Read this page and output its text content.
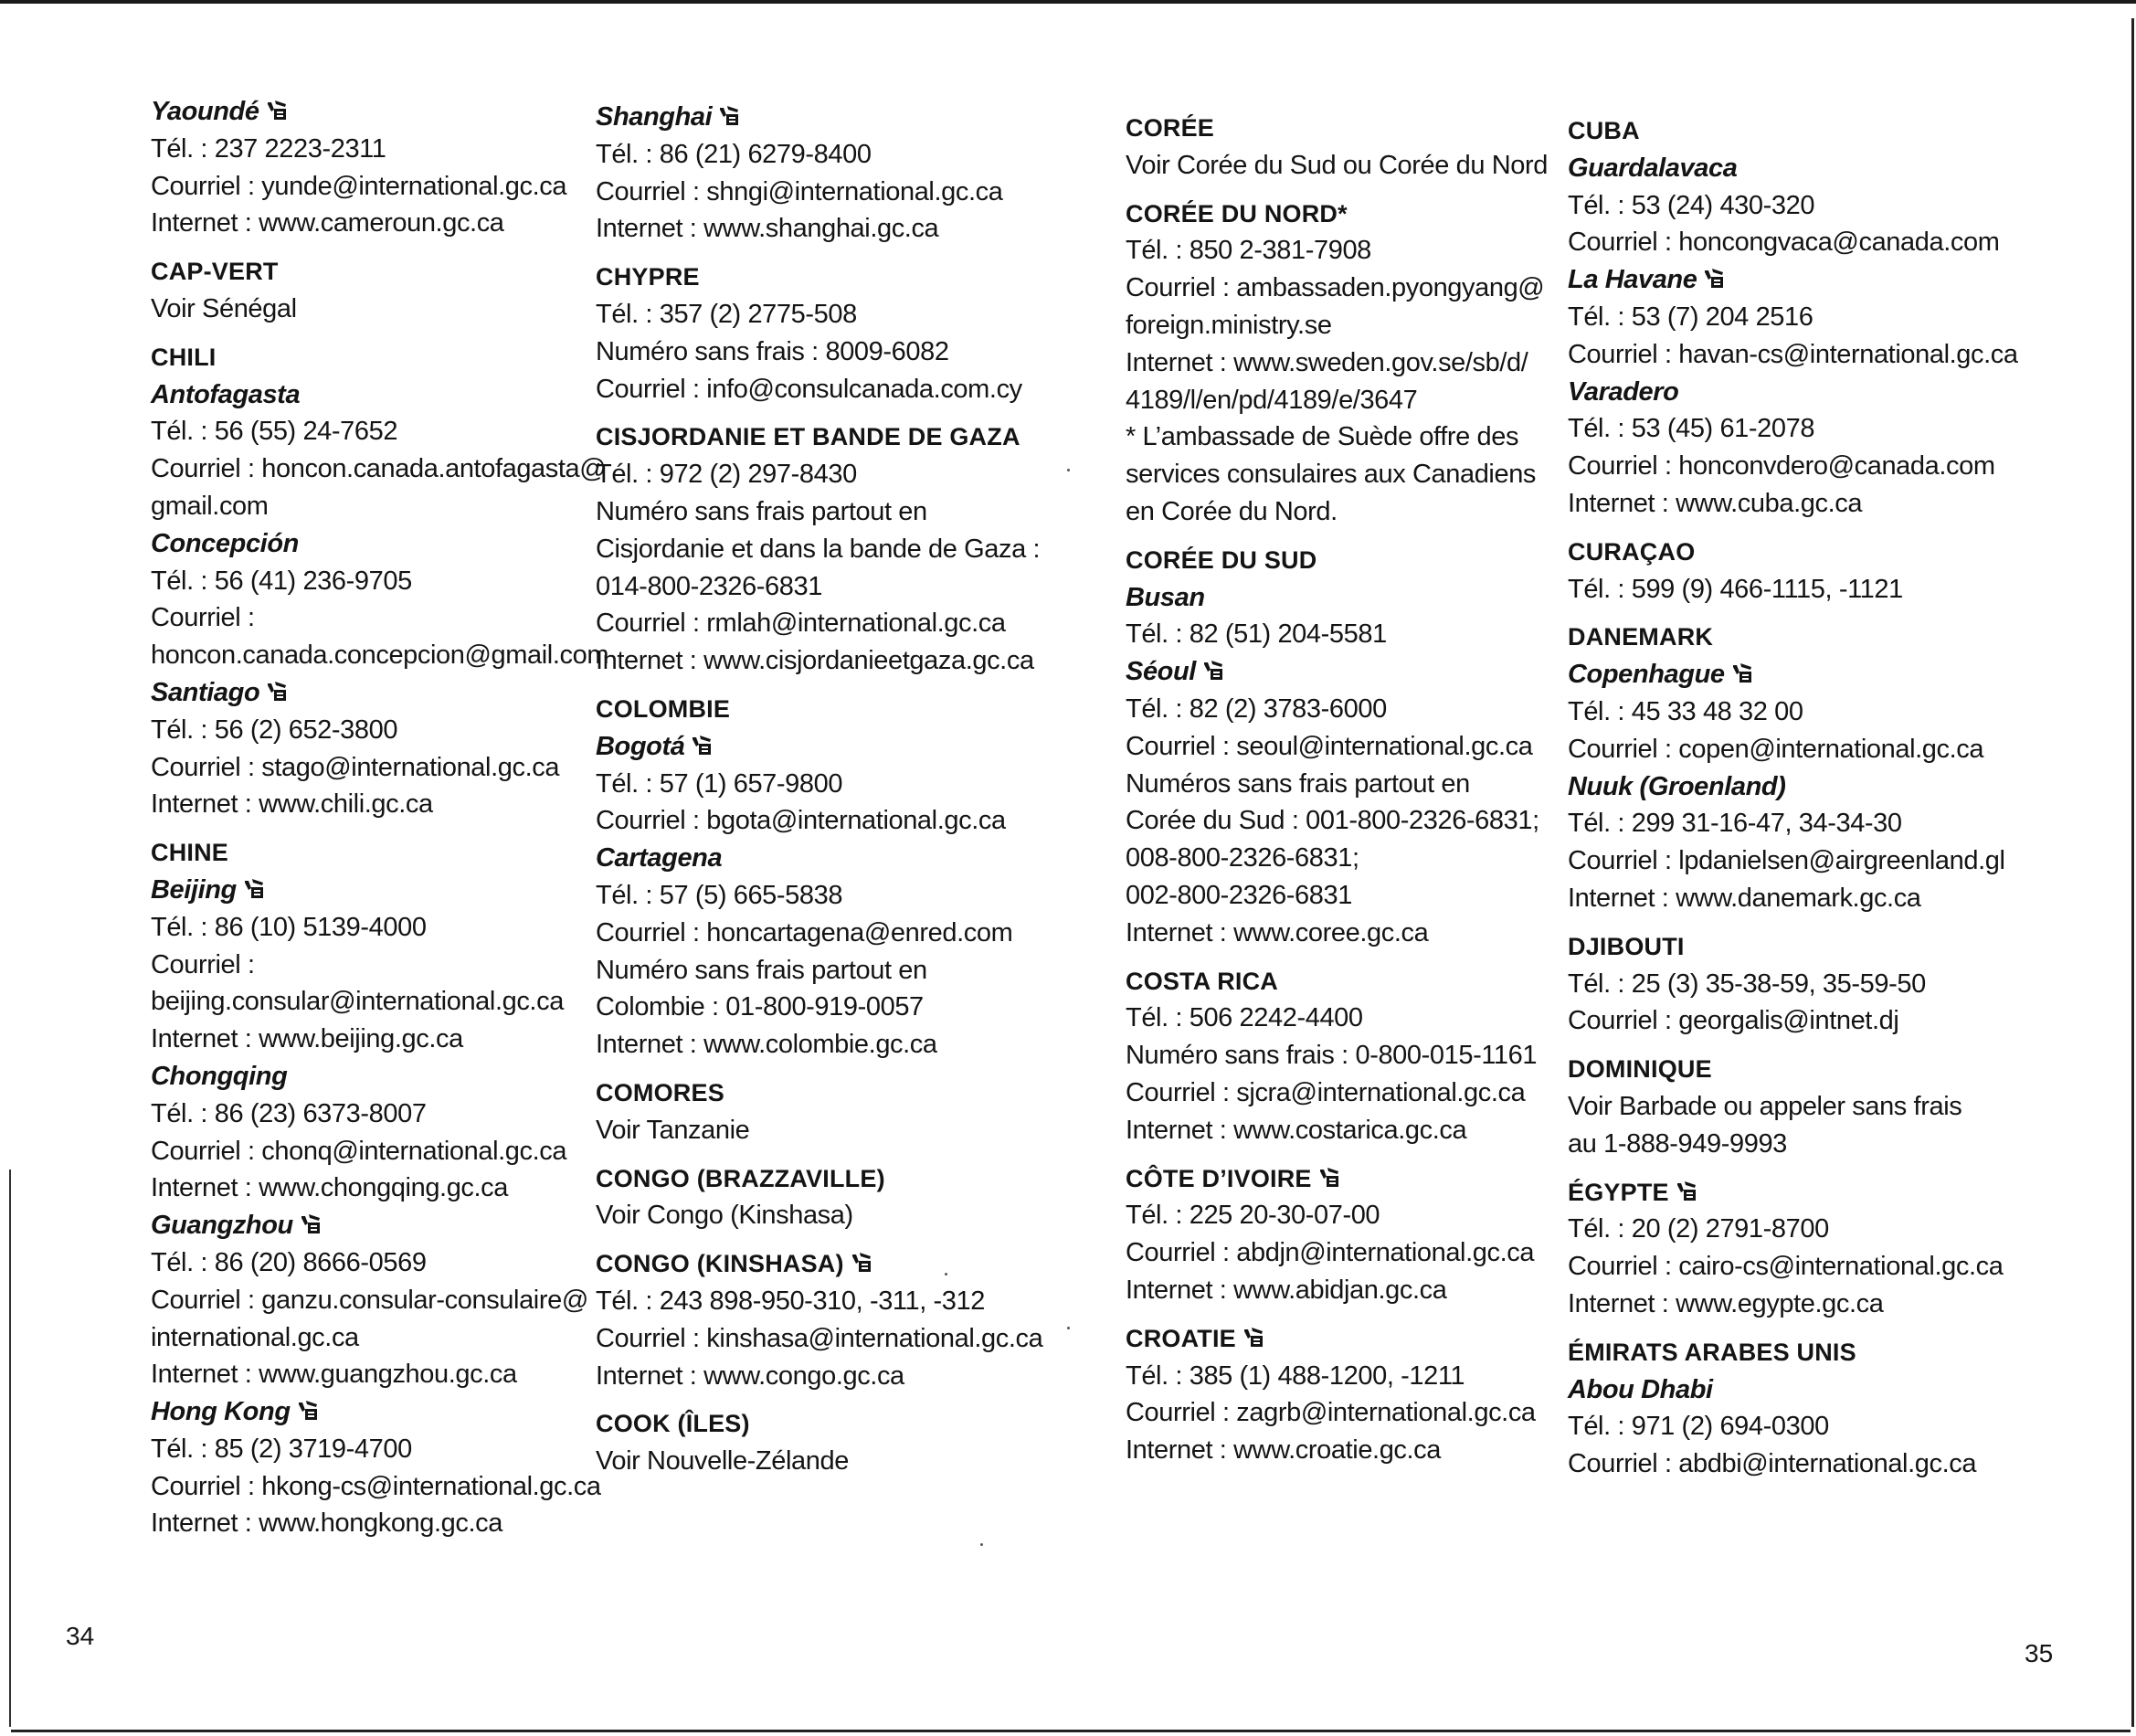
Yaoundé
Tél. : 237 2223-2311
Courriel : yunde@international.gc.ca
Internet : www.cameroun.gc.ca
CAP-VERT
Voir Sénégal
CHILI
Antofagasta
Tél. : 56 (55) 24-7652
Courriel : honcon.canada.antofagasta@
gmail.com
Concepción
Tél. : 56 (41) 236-9705
Courriel :
honcon.canada.concepcion@gmail.com
Santiago
Tél. : 56 (2) 652-3800
Courriel : stago@international.gc.ca
Internet : www.chili.gc.ca
CHINE
Beijing
Tél. : 86 (10) 5139-4000
Courriel :
beijing.consular@international.gc.ca
Internet : www.beijing.gc.ca
Chongqing
Tél. : 86 (23) 6373-8007
Courriel : chonq@international.gc.ca
Internet : www.chongqing.gc.ca
Guangzhou
Tél. : 86 (20) 8666-0569
Courriel : ganzu.consular-consulaire@
international.gc.ca
Internet : www.guangzhou.gc.ca
Hong Kong
Tél. : 85 (2) 3719-4700
Courriel : hkong-cs@international.gc.ca
Internet : www.hongkong.gc.ca
Shanghai
Tél. : 86 (21) 6279-8400
Courriel : shngi@international.gc.ca
Internet : www.shanghai.gc.ca
CHYPRE
Tél. : 357 (2) 2775-508
Numéro sans frais : 8009-6082
Courriel : info@consulcanada.com.cy
CISJORDANIE ET BANDE DE GAZA
Tél. : 972 (2) 297-8430
Numéro sans frais partout en
Cisjordanie et dans la bande de Gaza :
014-800-2326-6831
Courriel : rmlah@international.gc.ca
Internet : www.cisjordanieetgaza.gc.ca
COLOMBIE
Bogotá
Tél. : 57 (1) 657-9800
Courriel : bgota@international.gc.ca
Cartagena
Tél. : 57 (5) 665-5838
Courriel : honcartagena@enred.com
Numéro sans frais partout en
Colombie : 01-800-919-0057
Internet : www.colombie.gc.ca
COMORES
Voir Tanzanie
CONGO (BRAZZAVILLE)
Voir Congo (Kinshasa)
CONGO (KINSHASA)
Tél. : 243 898-950-310, -311, -312
Courriel : kinshasa@international.gc.ca
Internet : www.congo.gc.ca
COOK (ÎLES)
Voir Nouvelle-Zélande
CORÉE
Voir Corée du Sud ou Corée du Nord
CORÉE DU NORD*
Tél. : 850 2-381-7908
Courriel : ambassaden.pyongyang@
foreign.ministry.se
Internet : www.sweden.gov.se/sb/d/
4189/l/en/pd/4189/e/3647
* L’ambassade de Suède offre des
services consulaires aux Canadiens
en Corée du Nord.
CORÉE DU SUD
Busan
Tél. : 82 (51) 204-5581
Séoul
Tél. : 82 (2) 3783-6000
Courriel : seoul@international.gc.ca
Numéros sans frais partout en
Corée du Sud : 001-800-2326-6831;
008-800-2326-6831;
002-800-2326-6831
Internet : www.coree.gc.ca
COSTA RICA
Tél. : 506 2242-4400
Numéro sans frais : 0-800-015-1161
Courriel : sjcra@international.gc.ca
Internet : www.costarica.gc.ca
CÔTE D’IVOIRE
Tél. : 225 20-30-07-00
Courriel : abdjn@international.gc.ca
Internet : www.abidjan.gc.ca
CROATIE
Tél. : 385 (1) 488-1200, -1211
Courriel : zagrb@international.gc.ca
Internet : www.croatie.gc.ca
CUBA
Guardalavaca
Tél. : 53 (24) 430-320
Courriel : honcongvaca@canada.com
La Havane
Tél. : 53 (7) 204 2516
Courriel : havan-cs@international.gc.ca
Varadero
Tél. : 53 (45) 61-2078
Courriel : honconvdero@canada.com
Internet : www.cuba.gc.ca
CURAÇAO
Tél. : 599 (9) 466-1115, -1121
DANEMARK
Copenhague
Tél. : 45 33 48 32 00
Courriel : copen@international.gc.ca
Nuuk (Groenland)
Tél. : 299 31-16-47, 34-34-30
Courriel : lpdanielsen@airgreenland.gl
Internet : www.danemark.gc.ca
DJIBOUTI
Tél. : 25 (3) 35-38-59, 35-59-50
Courriel : georgalis@intnet.dj
DOMINIQUE
Voir Barbade ou appeler sans frais
au 1-888-949-9993
ÉGYPTE
Tél. : 20 (2) 2791-8700
Courriel : cairo-cs@international.gc.ca
Internet : www.egypte.gc.ca
ÉMIRATS ARABES UNIS
Abou Dhabi
Tél. : 971 (2) 694-0300
Courriel : abdbi@international.gc.ca
34
35
